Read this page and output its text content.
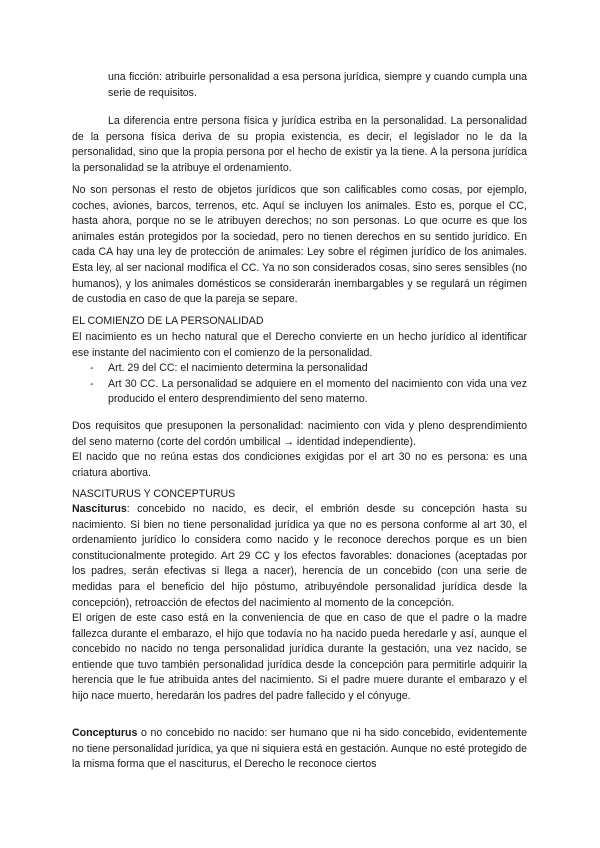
una ficción: atribuirle personalidad a esa persona jurídica, siempre y cuando cumpla una serie de requisitos.

La diferencia entre persona física y jurídica estriba en la personalidad. La personalidad de la persona física deriva de su propia existencia, es decir, el legislador no le da la personalidad, sino que la propia persona por el hecho de existir ya la tiene. A la persona jurídica la personalidad se la atribuye el ordenamiento.

No son personas el resto de objetos jurídicos que son calificables como cosas, por ejemplo, coches, aviones, barcos, terrenos, etc. Aquí se incluyen los animales. Esto es, porque el CC, hasta ahora, porque no se le atribuyen derechos; no son personas. Lo que ocurre es que los animales están protegidos por la sociedad, pero no tienen derechos en su sentido jurídico. En cada CA hay una ley de protección de animales: Ley sobre el régimen jurídico de los animales. Esta ley, al ser nacional modifica el CC. Ya no son considerados cosas, sino seres sensibles (no humanos), y los animales domésticos se considerarán inembargables y se regulará un régimen de custodia en caso de que la pareja se separe.

EL COMIENZO DE LA PERSONALIDAD

El nacimiento es un hecho natural que el Derecho convierte en un hecho jurídico al identificar ese instante del nacimiento con el comienzo de la personalidad.

- Art. 29 del CC: el nacimiento determina la personalidad
- Art 30 CC. La personalidad se adquiere en el momento del nacimiento con vida una vez producido el entero desprendimiento del seno materno.

Dos requisitos que presuponen la personalidad: nacimiento con vida y pleno desprendimiento del seno materno (corte del cordón umbilical → identidad independiente).

El nacido que no reúna estas dos condiciones exigidas por el art 30 no es persona: es una criatura abortiva.

NASCITURUS Y CONCEPTURUS

Nasciturus: concebido no nacido, es decir, el embrión desde su concepción hasta su nacimiento. Si bien no tiene personalidad jurídica ya que no es persona conforme al art 30, el ordenamiento jurídico lo considera como nacido y le reconoce derechos porque es un bien constitucionalmente protegido. Art 29 CC y los efectos favorables: donaciones (aceptadas por los padres, serán efectivas si llega a nacer), herencia de un concebido (con una serie de medidas para el beneficio del hijo póstumo, atribuyéndole personalidad jurídica desde la concepción), retroacción de efectos del nacimiento al momento de la concepción.

El origen de este caso está en la conveniencia de que en caso de que el padre o la madre fallezca durante el embarazo, el hijo que todavía no ha nacido pueda heredarle y así, aunque el concebido no nacido no tenga personalidad jurídica durante la gestación, una vez nacido, se entiende que tuvo también personalidad jurídica desde la concepción para permitirle adquirir la herencia que le fue atribuida antes del nacimiento. Si el padre muere durante el embarazo y el hijo nace muerto, heredarán los padres del padre fallecido y el cónyuge.

Concepturus o no concebido no nacido: ser humano que ni ha sido concebido, evidentemente no tiene personalidad jurídica, ya que ni siquiera está en gestación. Aunque no esté protegido de la misma forma que el nasciturus, el Derecho le reconoce ciertos
